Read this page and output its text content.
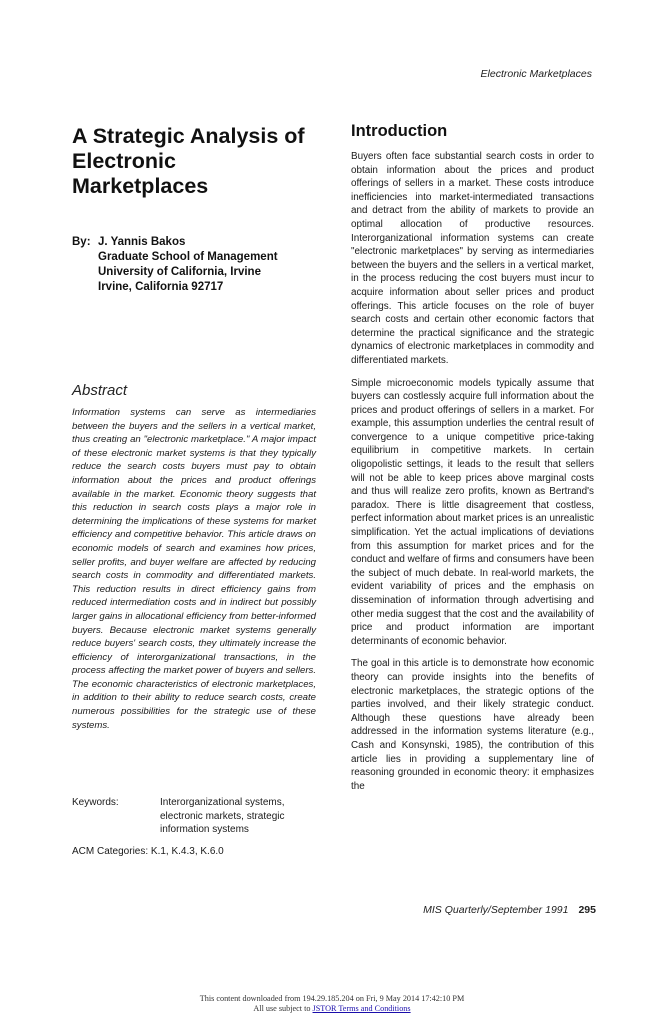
Electronic Marketplaces
A Strategic Analysis of Electronic Marketplaces
By: J. Yannis Bakos
Graduate School of Management
University of California, Irvine
Irvine, California 92717
Abstract

Information systems can serve as intermediaries between the buyers and the sellers in a vertical market, thus creating an "electronic marketplace." A major impact of these electronic market systems is that they typically reduce the search costs buyers must pay to obtain information about the prices and product offerings available in the market. Economic theory suggests that this reduction in search costs plays a major role in determining the implications of these systems for market efficiency and competitive behavior. This article draws on economic models of search and examines how prices, seller profits, and buyer welfare are affected by reducing search costs in commodity and differentiated markets. This reduction results in direct efficiency gains from reduced intermediation costs and in indirect but possibly larger gains in allocational efficiency from better-informed buyers. Because electronic market systems generally reduce buyers' search costs, they ultimately increase the efficiency of interorganizational transactions, in the process affecting the market power of buyers and sellers. The economic characteristics of electronic marketplaces, in addition to their ability to reduce search costs, create numerous possibilities for the strategic use of these systems.

Keywords:	Interorganizational systems, electronic markets, strategic information systems
ACM Categories: K.1, K.4.3, K.6.0
Introduction

Buyers often face substantial search costs in order to obtain information about the prices and product offerings of sellers in a market. These costs introduce inefficiencies into market-intermediated transactions and detract from the ability of markets to provide an optimal allocation of productive resources. Interorganizational information systems can create "electronic marketplaces" by serving as intermediaries between the buyers and the sellers in a vertical market, in the process reducing the cost buyers must incur to acquire information about seller prices and product offerings. This article focuses on the role of buyer search costs and certain other economic factors that determine the practical significance and the strategic dynamics of electronic marketplaces in commodity and differentiated markets.

Simple microeconomic models typically assume that buyers can costlessly acquire full information about the prices and product offerings of sellers in a market. For example, this assumption underlies the central result of convergence to a unique competitive price-taking equilibrium in competitive markets. In certain oligopolistic settings, it leads to the result that sellers will not be able to keep prices above marginal costs and thus will realize zero profits, known as Bertrand's paradox. There is little disagreement that costless, perfect information about market prices is an unrealistic simplification. Yet the actual implications of deviations from this assumption for market prices and for the conduct and welfare of firms and consumers have been the subject of much debate. In real-world markets, the evident variability of prices and the emphasis on dissemination of information through advertising and other media suggest that the cost and the availability of price and product information are important determinants of economic behavior.

The goal in this article is to demonstrate how economic theory can provide insights into the benefits of electronic marketplaces, the strategic options of the parties involved, and their likely strategic conduct. Although these questions have already been addressed in the information systems literature (e.g., Cash and Konsynski, 1985), the contribution of this article lies in providing a supplementary line of reasoning grounded in economic theory: it emphasizes the

MIS Quarterly/September 1991 295
This content downloaded from 194.29.185.204 on Fri, 9 May 2014 17:42:10 PM
All use subject to JSTOR Terms and Conditions
